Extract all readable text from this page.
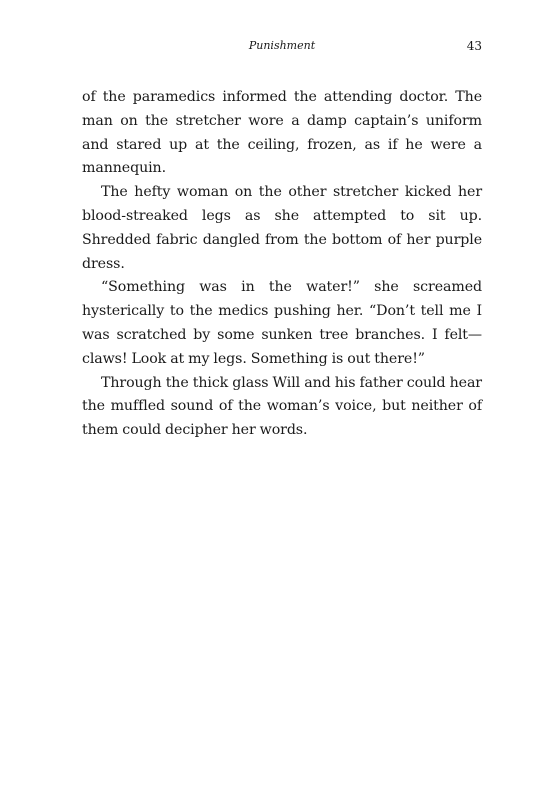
Punishment	43

of the paramedics informed the attending doctor. The man on the stretcher wore a damp captain’s uniform and stared up at the ceiling, frozen, as if he were a mannequin.

The hefty woman on the other stretcher kicked her blood-streaked legs as she attempted to sit up. Shredded fabric dangled from the bottom of her purple dress.

“Something was in the water!” she screamed hysterically to the medics pushing her. “Don’t tell me I was scratched by some sunken tree branches. I felt—claws! Look at my legs. Something is out there!”

Through the thick glass Will and his father could hear the muffled sound of the woman’s voice, but neither of them could decipher her words.
